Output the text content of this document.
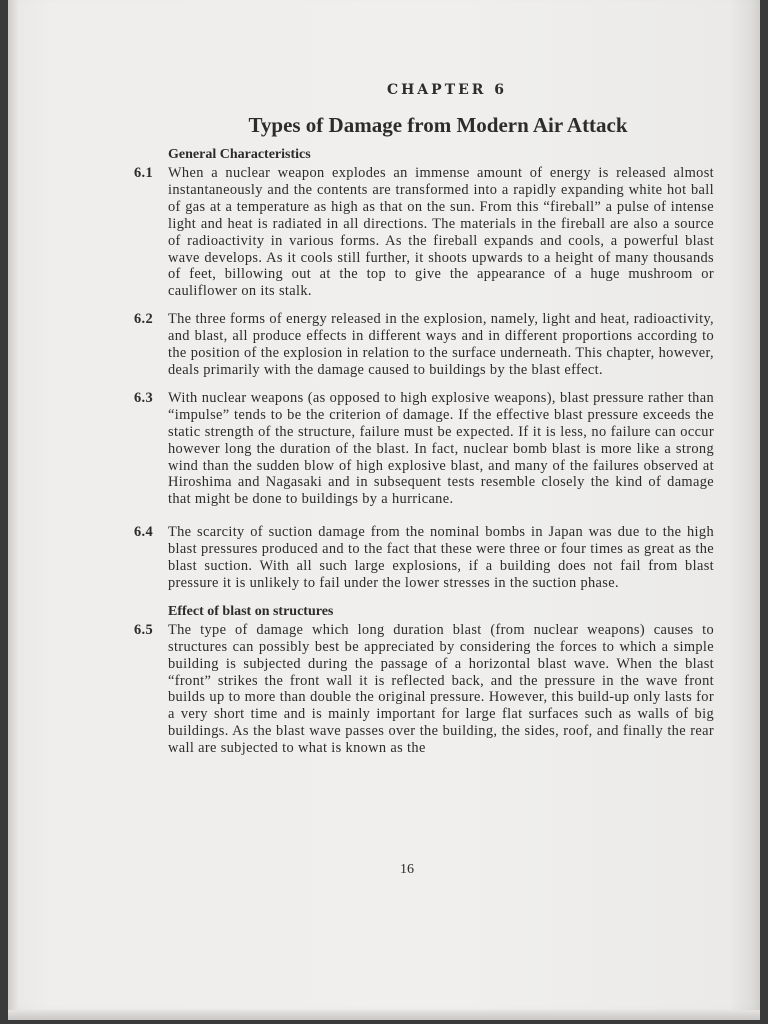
CHAPTER 6
Types of Damage from Modern Air Attack
General Characteristics
6.1 When a nuclear weapon explodes an immense amount of energy is released almost instantaneously and the contents are transformed into a rapidly expanding white hot ball of gas at a temperature as high as that on the sun. From this “fireball” a pulse of intense light and heat is radiated in all directions. The materials in the fireball are also a source of radioactivity in various forms. As the fireball expands and cools, a powerful blast wave develops. As it cools still further, it shoots upwards to a height of many thousands of feet, billowing out at the top to give the appearance of a huge mushroom or cauliflower on its stalk.
6.2 The three forms of energy released in the explosion, namely, light and heat, radioactivity, and blast, all produce effects in different ways and in different proportions according to the position of the explosion in relation to the surface underneath. This chapter, however, deals primarily with the damage caused to buildings by the blast effect.
6.3 With nuclear weapons (as opposed to high explosive weapons), blast pressure rather than “impulse” tends to be the criterion of damage. If the effective blast pressure exceeds the static strength of the structure, failure must be expected. If it is less, no failure can occur however long the duration of the blast. In fact, nuclear bomb blast is more like a strong wind than the sudden blow of high explosive blast, and many of the failures observed at Hiroshima and Nagasaki and in subsequent tests resemble closely the kind of damage that might be done to buildings by a hurricane.
6.4 The scarcity of suction damage from the nominal bombs in Japan was due to the high blast pressures produced and to the fact that these were three or four times as great as the blast suction. With all such large explosions, if a building does not fail from blast pressure it is unlikely to fail under the lower stresses in the suction phase.
Effect of blast on structures
6.5 The type of damage which long duration blast (from nuclear weapons) causes to structures can possibly best be appreciated by considering the forces to which a simple building is subjected during the passage of a horizontal blast wave. When the blast “front” strikes the front wall it is reflected back, and the pressure in the wave front builds up to more than double the original pressure. However, this build-up only lasts for a very short time and is mainly important for large flat surfaces such as walls of big buildings. As the blast wave passes over the building, the sides, roof, and finally the rear wall are subjected to what is known as the
16
